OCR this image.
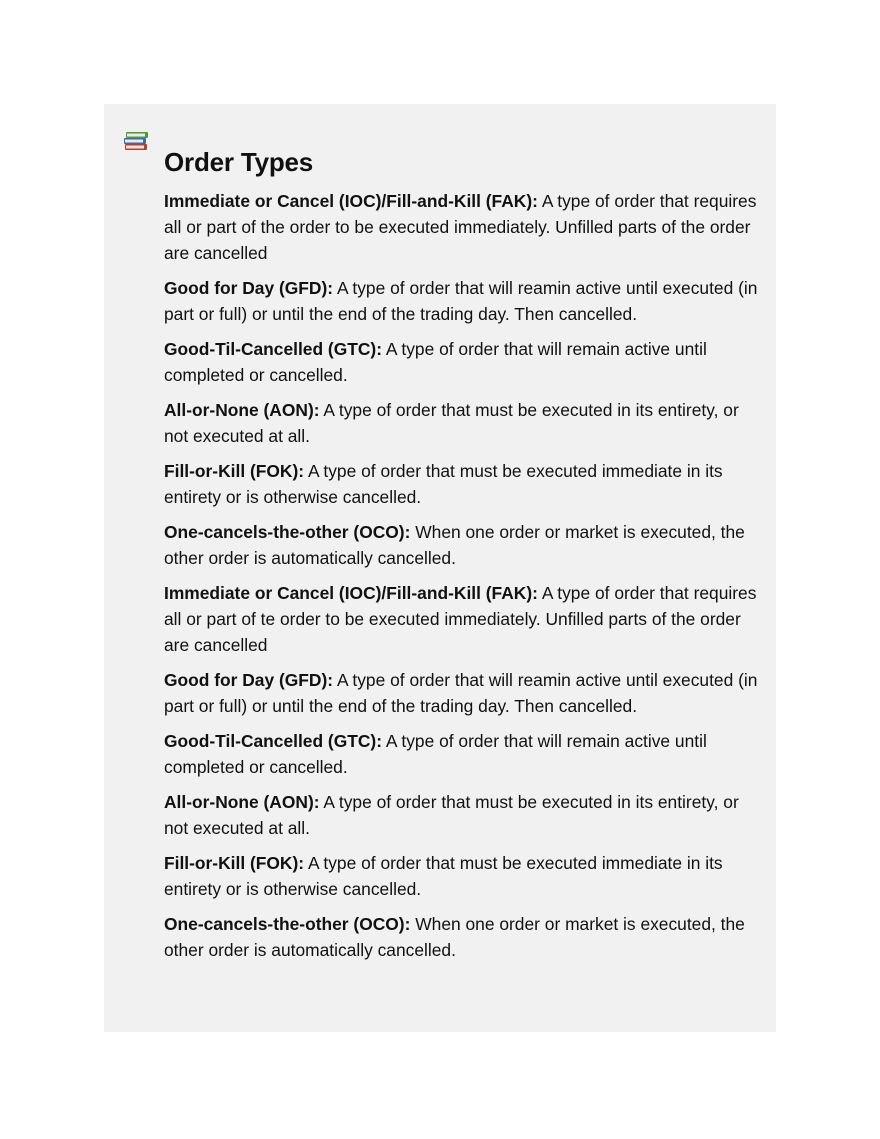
Order Types

Immediate or Cancel (IOC)/Fill-and-Kill (FAK): A type of order that requires all or part of the order to be executed immediately. Unfilled parts of the order are cancelled

Good for Day (GFD): A type of order that will reamin active until executed (in part or full) or until the end of the trading day. Then cancelled.

Good-Til-Cancelled (GTC): A type of order that will remain active until completed or cancelled.

All-or-None (AON): A type of order that must be executed in its entirety, or not executed at all.

Fill-or-Kill (FOK): A type of order that must be executed immediate in its entirety or is otherwise cancelled.

One-cancels-the-other (OCO): When one order or market is executed, the other order is automatically cancelled.

Immediate or Cancel (IOC)/Fill-and-Kill (FAK): A type of order that requires all or part of te order to be executed immediately. Unfilled parts of the order are cancelled

Good for Day (GFD): A type of order that will reamin active until executed (in part or full) or until the end of the trading day. Then cancelled.

Good-Til-Cancelled (GTC): A type of order that will remain active until completed or cancelled.

All-or-None (AON): A type of order that must be executed in its entirety, or not executed at all.

Fill-or-Kill (FOK): A type of order that must be executed immediate in its entirety or is otherwise cancelled.

One-cancels-the-other (OCO): When one order or market is executed, the other order is automatically cancelled.
